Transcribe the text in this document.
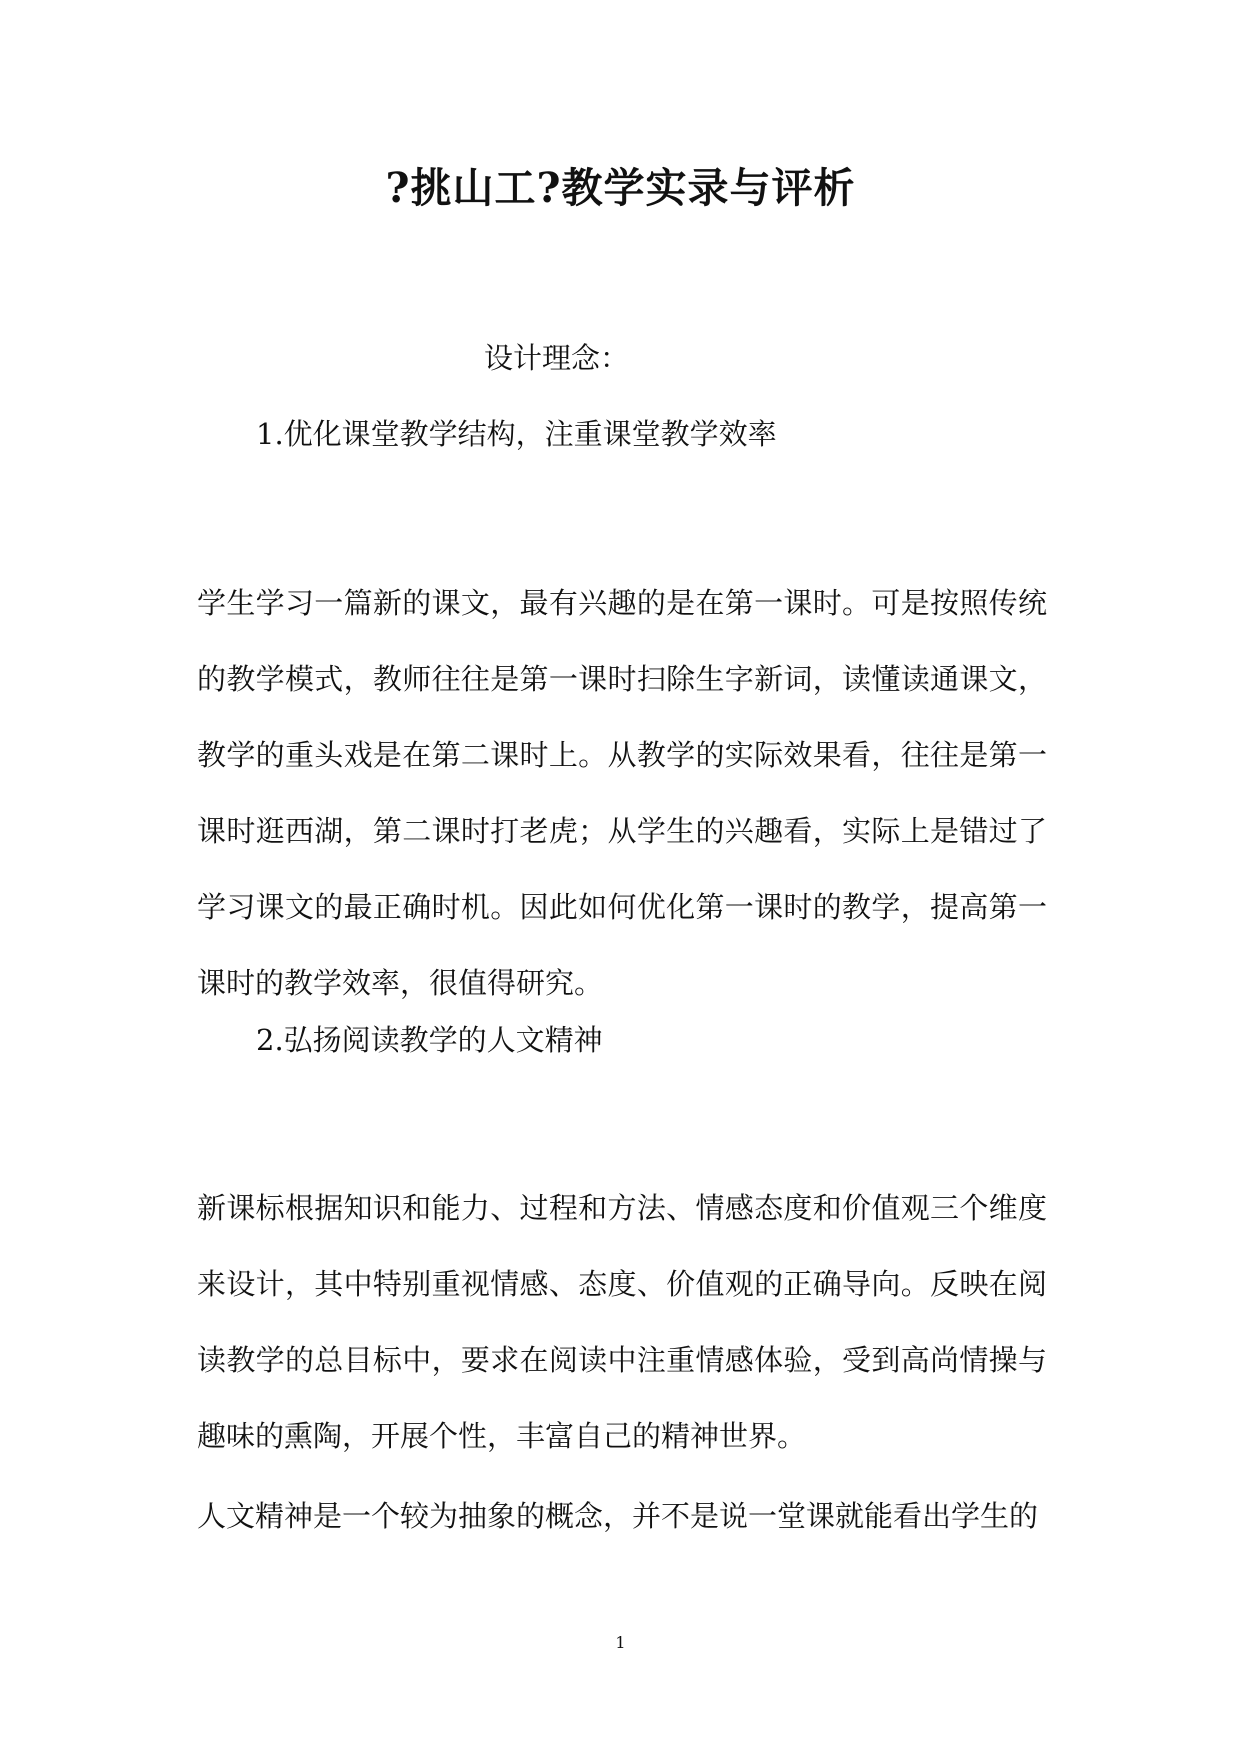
?挑山工?教学实录与评析
设计理念：
1.优化课堂教学结构，注重课堂教学效率
学生学习一篇新的课文，最有兴趣的是在第一课时。可是按照传统的教学模式，教师往往是第一课时扫除生字新词，读懂读通课文，教学的重头戏是在第二课时上。从教学的实际效果看，往往是第一课时逛西湖，第二课时打老虎；从学生的兴趣看，实际上是错过了学习课文的最正确时机。因此如何优化第一课时的教学，提高第一课时的教学效率，很值得研究。
2.弘扬阅读教学的人文精神
新课标根据知识和能力、过程和方法、情感态度和价值观三个维度来设计，其中特别重视情感、态度、价值观的正确导向。反映在阅读教学的总目标中，要求在阅读中注重情感体验，受到高尚情操与趣味的熏陶，开展个性，丰富自己的精神世界。
人文精神是一个较为抽象的概念，并不是说一堂课就能看出学生的
1
